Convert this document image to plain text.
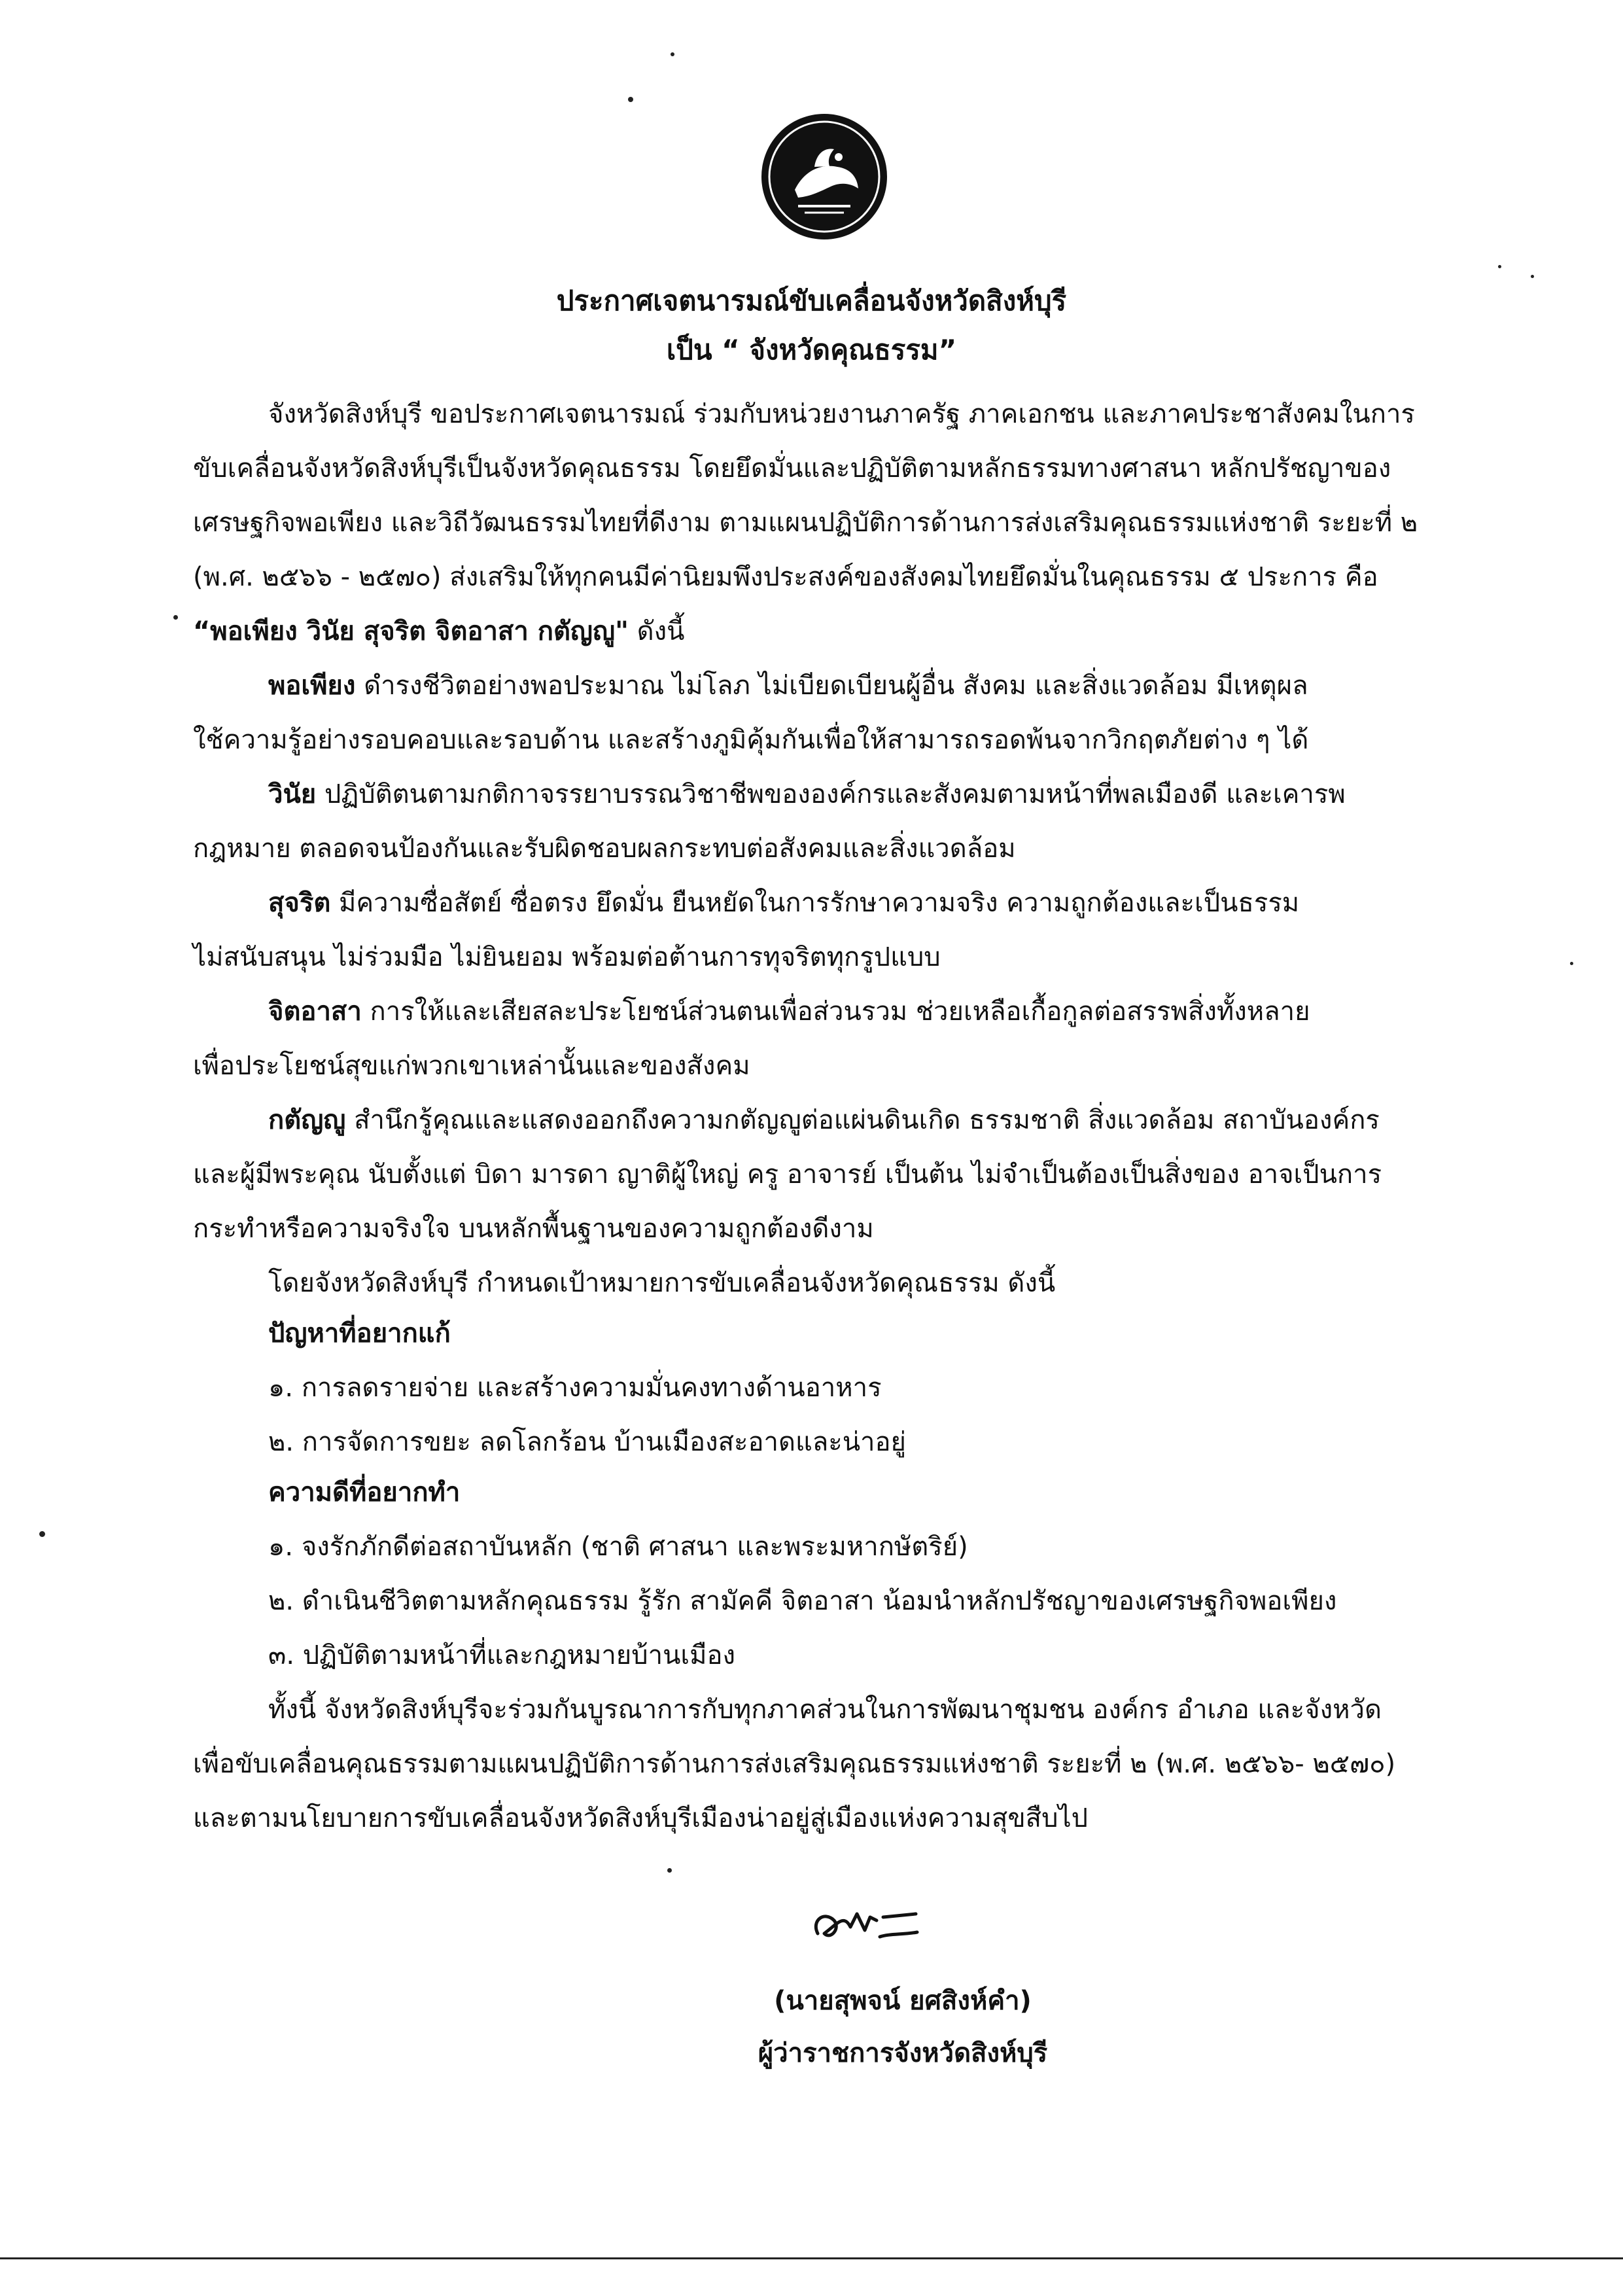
ประกาศเจตนารมณ์ขับเคลื่อนจังหวัดสิงห์บุรี
เป็น “ จังหวัดคุณธรรม”
จังหวัดสิงห์บุรี ขอประกาศเจตนารมณ์ ร่วมกับหน่วยงานภาครัฐ ภาคเอกชน และภาคประชาสังคมในการ
ขับเคลื่อนจังหวัดสิงห์บุรีเป็นจังหวัดคุณธรรม โดยยึดมั่นและปฏิบัติตามหลักธรรมทางศาสนา หลักปรัชญาของ
เศรษฐกิจพอเพียง และวิถีวัฒนธรรมไทยที่ดีงาม ตามแผนปฏิบัติการด้านการส่งเสริมคุณธรรมแห่งชาติ ระยะที่ ๒
(พ.ศ. ๒๕๖๖ - ๒๕๗๐) ส่งเสริมให้ทุกคนมีค่านิยมพึงประสงค์ของสังคมไทยยึดมั่นในคุณธรรม ๕ ประการ คือ
“พอเพียง วินัย สุจริต จิตอาสา กตัญญู" ดังนี้
พอเพียง ดำรงชีวิตอย่างพอประมาณ ไม่โลภ ไม่เบียดเบียนผู้อื่น สังคม และสิ่งแวดล้อม มีเหตุผล
ใช้ความรู้อย่างรอบคอบและรอบด้าน และสร้างภูมิคุ้มกันเพื่อให้สามารถรอดพ้นจากวิกฤตภัยต่าง ๆ ได้
วินัย ปฏิบัติตนตามกติกาจรรยาบรรณวิชาชีพขององค์กรและสังคมตามหน้าที่พลเมืองดี และเคารพ
กฎหมาย ตลอดจนป้องกันและรับผิดชอบผลกระทบต่อสังคมและสิ่งแวดล้อม
สุจริต มีความซื่อสัตย์ ซื่อตรง ยึดมั่น ยืนหยัดในการรักษาความจริง ความถูกต้องและเป็นธรรม
ไม่สนับสนุน ไม่ร่วมมือ ไม่ยินยอม พร้อมต่อต้านการทุจริตทุกรูปแบบ
จิตอาสา การให้และเสียสละประโยชน์ส่วนตนเพื่อส่วนรวม ช่วยเหลือเกื้อกูลต่อสรรพสิ่งทั้งหลาย
เพื่อประโยชน์สุขแก่พวกเขาเหล่านั้นและของสังคม
กตัญญู สำนึกรู้คุณและแสดงออกถึงความกตัญญูต่อแผ่นดินเกิด ธรรมชาติ สิ่งแวดล้อม สถาบันองค์กร
และผู้มีพระคุณ นับตั้งแต่ บิดา มารดา ญาติผู้ใหญ่ ครู อาจารย์ เป็นต้น ไม่จำเป็นต้องเป็นสิ่งของ อาจเป็นการ
กระทำหรือความจริงใจ บนหลักพื้นฐานของความถูกต้องดีงาม
โดยจังหวัดสิงห์บุรี กำหนดเป้าหมายการขับเคลื่อนจังหวัดคุณธรรม ดังนี้
ปัญหาที่อยากแก้
๑. การลดรายจ่าย และสร้างความมั่นคงทางด้านอาหาร
๒. การจัดการขยะ ลดโลกร้อน บ้านเมืองสะอาดและน่าอยู่
ความดีที่อยากทำ
๑. จงรักภักดีต่อสถาบันหลัก (ชาติ ศาสนา และพระมหากษัตริย์)
๒. ดำเนินชีวิตตามหลักคุณธรรม รู้รัก สามัคคี จิตอาสา น้อมนำหลักปรัชญาของเศรษฐกิจพอเพียง
๓. ปฏิบัติตามหน้าที่และกฎหมายบ้านเมือง
ทั้งนี้ จังหวัดสิงห์บุรีจะร่วมกันบูรณาการกับทุกภาคส่วนในการพัฒนาชุมชน องค์กร อำเภอ และจังหวัด
เพื่อขับเคลื่อนคุณธรรมตามแผนปฏิบัติการด้านการส่งเสริมคุณธรรมแห่งชาติ ระยะที่ ๒ (พ.ศ. ๒๕๖๖- ๒๕๗๐)
และตามนโยบายการขับเคลื่อนจังหวัดสิงห์บุรีเมืองน่าอยู่สู่เมืองแห่งความสุขสืบไป
(นายสุพจน์ ยศสิงห์คำ)
ผู้ว่าราชการจังหวัดสิงห์บุรี
